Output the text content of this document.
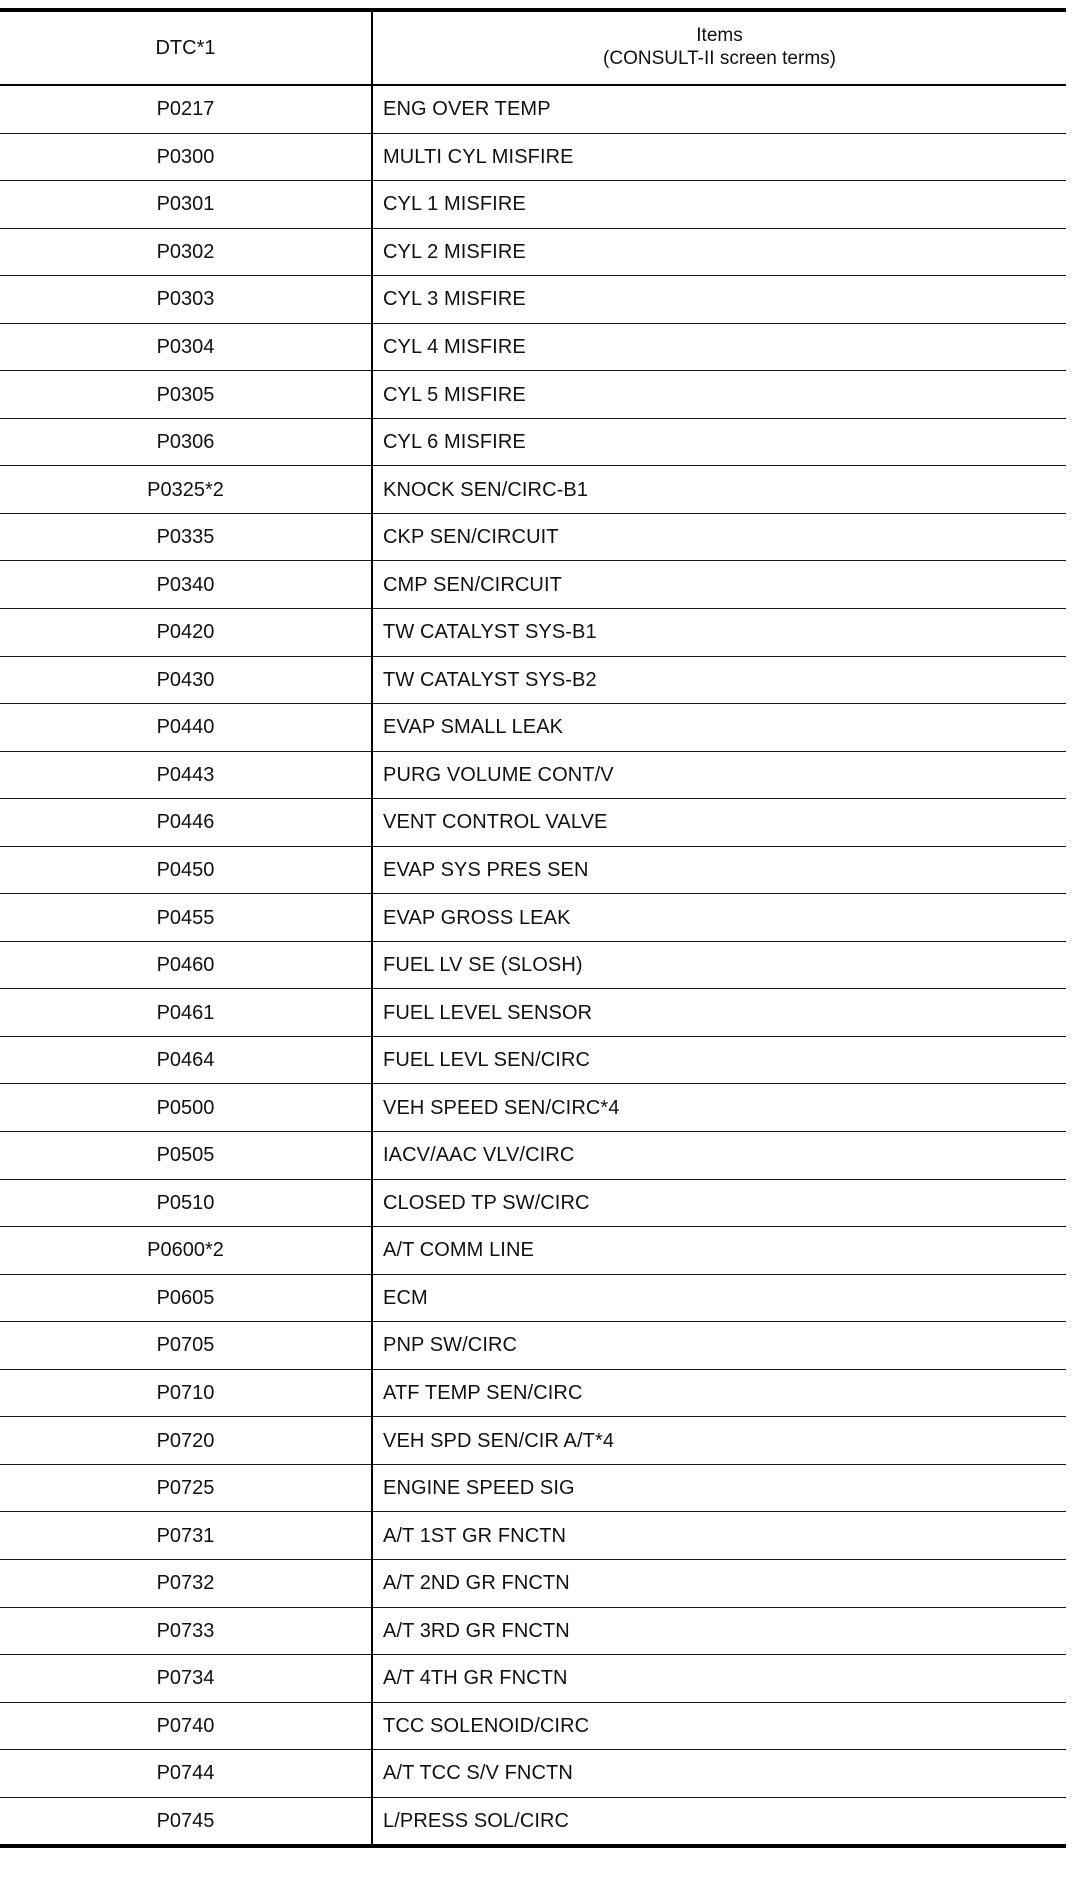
DTC*1	Items
(CONSULT-II screen terms)

P0217	ENG OVER TEMP
P0300	MULTI CYL MISFIRE
P0301	CYL 1 MISFIRE
P0302	CYL 2 MISFIRE
P0303	CYL 3 MISFIRE
P0304	CYL 4 MISFIRE
P0305	CYL 5 MISFIRE
P0306	CYL 6 MISFIRE
P0325*2	KNOCK SEN/CIRC-B1
P0335	CKP SEN/CIRCUIT
P0340	CMP SEN/CIRCUIT
P0420	TW CATALYST SYS-B1
P0430	TW CATALYST SYS-B2
P0440	EVAP SMALL LEAK
P0443	PURG VOLUME CONT/V
P0446	VENT CONTROL VALVE
P0450	EVAP SYS PRES SEN
P0455	EVAP GROSS LEAK
P0460	FUEL LV SE (SLOSH)
P0461	FUEL LEVEL SENSOR
P0464	FUEL LEVL SEN/CIRC
P0500	VEH SPEED SEN/CIRC*4
P0505	IACV/AAC VLV/CIRC
P0510	CLOSED TP SW/CIRC
P0600*2	A/T COMM LINE
P0605	ECM
P0705	PNP SW/CIRC
P0710	ATF TEMP SEN/CIRC
P0720	VEH SPD SEN/CIR A/T*4
P0725	ENGINE SPEED SIG
P0731	A/T 1ST GR FNCTN
P0732	A/T 2ND GR FNCTN
P0733	A/T 3RD GR FNCTN
P0734	A/T 4TH GR FNCTN
P0740	TCC SOLENOID/CIRC
P0744	A/T TCC S/V FNCTN
P0745	L/PRESS SOL/CIRC
